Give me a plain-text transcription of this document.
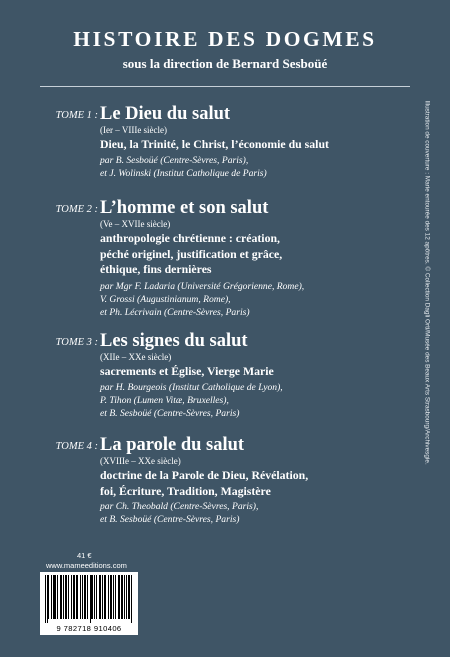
HISTOIRE DES DOGMES
sous la direction de Bernard Sesboüé
TOME 1 : Le Dieu du salut
(Ier – VIIIe siècle)
Dieu, la Trinité, le Christ, l’économie du salut
par B. Sesboüé (Centre-Sèvres, Paris),
et J. Wolinski (Institut Catholique de Paris)
TOME 2 : L’homme et son salut
(Ve – XVIIe siècle)
anthropologie chrétienne : création,
péché originel, justification et grâce,
éthique, fins dernières
par Mgr F. Ladaria (Université Grégorienne, Rome),
V. Grossi (Augustinianum, Rome),
et Ph. Lécrivain (Centre-Sèvres, Paris)
TOME 3 : Les signes du salut
(XIIe – XXe siècle)
sacrements et Église, Vierge Marie
par H. Bourgeois (Institut Catholique de Lyon),
P. Tihon (Lumen Vitæ, Bruxelles),
et B. Sesboüé (Centre-Sèvres, Paris)
TOME 4 : La parole du salut
(XVIIIe – XXe siècle)
doctrine de la Parole de Dieu, Révélation,
foi, Écriture, Tradition, Magistère
par Ch. Theobald (Centre-Sèvres, Paris),
et B. Sesboüé (Centre-Sèvres, Paris)
Illustration de couverture : Marie entourée des 12 apôtres. © Collection Dagli Orti/Musée des Beaux Arts Strasbourg/Archivesgie.
41 €
www.mameeditions.com
9 782718 910406
